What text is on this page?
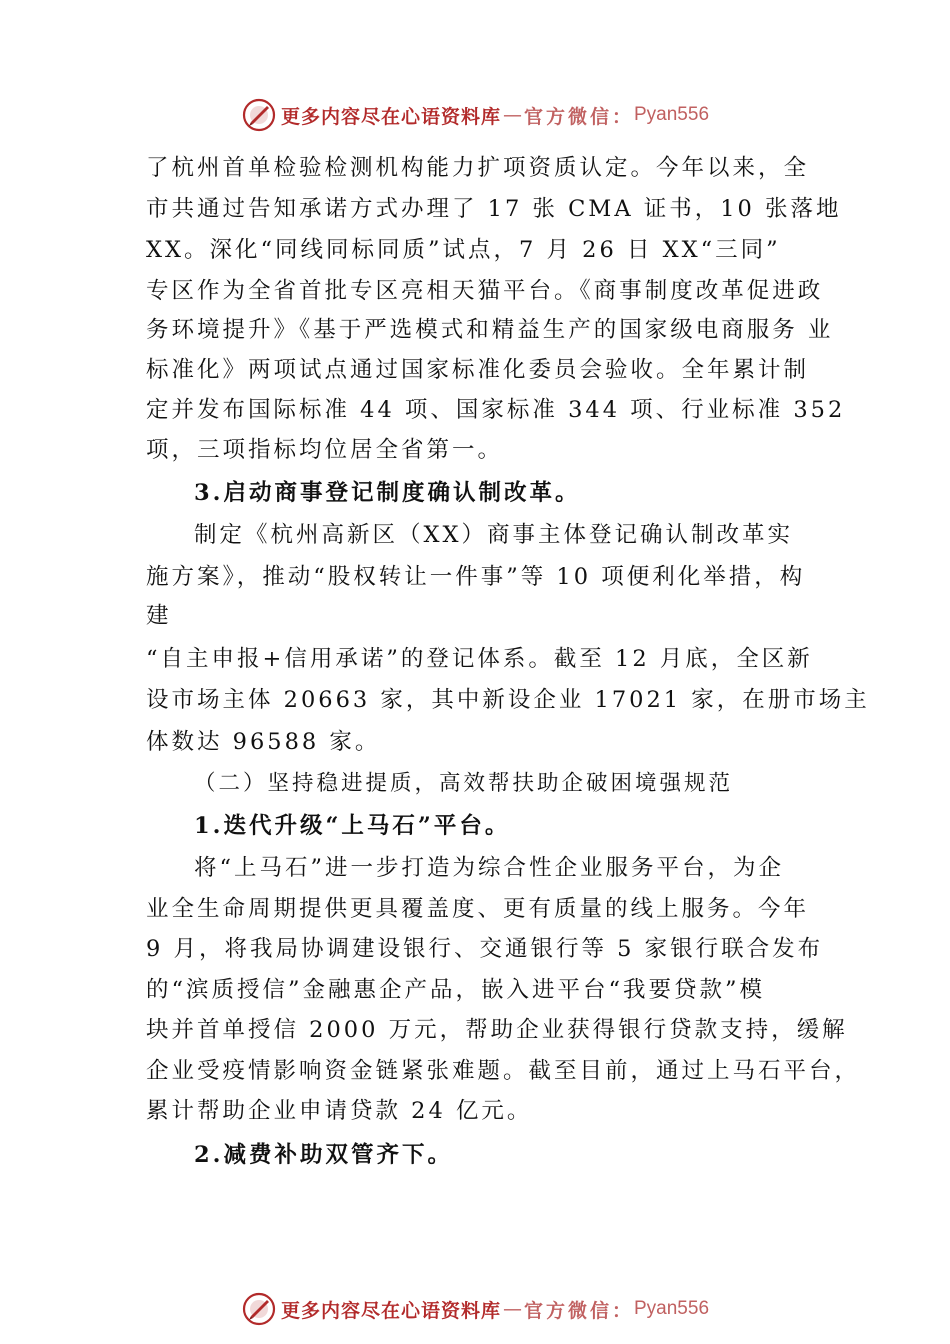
更多内容尽在心语资料库 — 官方微信： Pyan556
了杭州首单检验检测机构能力扩项资质认定。今年以来，全
市共通过告知承诺方式办理了 17 张 CMA 证书，10 张落地
XX。深化“同线同标同质”试点，7 月 26 日 XX“三同”
专区作为全省首批专区亮相天猫平台。《商事制度改革促进政
务环境提升》《基于严选模式和精益生产的国家级电商服务 业
标准化》两项试点通过国家标准化委员会验收。全年累计制
定并发布国际标准 44 项、国家标准 344 项、行业标准 352
项，三项指标均位居全省第一。
3.启动商事登记制度确认制改革。
制定《杭州高新区（XX）商事主体登记确认制改革实
施方案》，推动“股权转让一件事”等 10 项便利化举措，构
建
“自主申报+信用承诺”的登记体系。截至 12 月底，全区新
设市场主体 20663 家，其中新设企业 17021 家，在册市场主
体数达 96588 家。
（二）坚持稳进提质，高效帮扶助企破困境强规范
1.迭代升级“上马石”平台。
将“上马石”进一步打造为综合性企业服务平台，为企
业全生命周期提供更具覆盖度、更有质量的线上服务。今年
9 月，将我局协调建设银行、交通银行等 5 家银行联合发布
的“滨质授信”金融惠企产品，嵌入进平台“我要贷款”模
块并首单授信 2000 万元，帮助企业获得银行贷款支持，缓解
企业受疫情影响资金链紧张难题。截至目前，通过上马石平台，
累计帮助企业申请贷款 24 亿元。
2.减费补助双管齐下。
更多内容尽在心语资料库 — 官方微信： Pyan556
